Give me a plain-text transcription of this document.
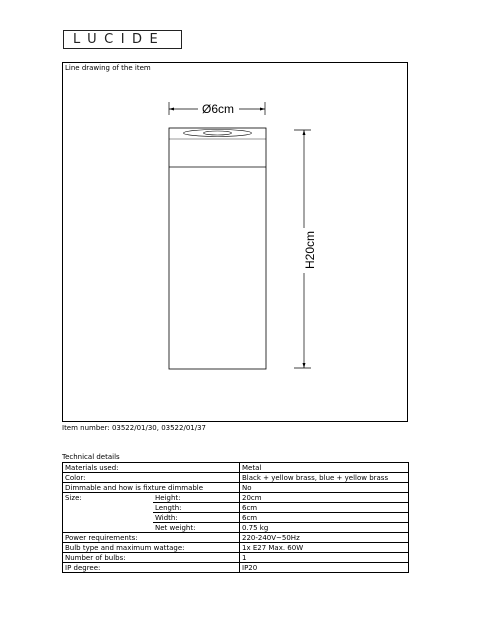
LUCIDE
Line drawing of the item
Ø6cm
H20cm
Item number: 03522/01/30, 03522/01/37
Technical details
Materials used:		Metal
Color:		Black + yellow brass, blue + yellow brass
Dimmable and how is fixture dimmable		No
Size:	Height:	20cm
	Length:	6cm
	Width:	6cm
	Net weight:	0.75 kg
Power requirements:		220-240V~50Hz
Bulb type and maximum wattage:		1x E27 Max. 60W
Number of bulbs:		1
IP degree:		IP20
